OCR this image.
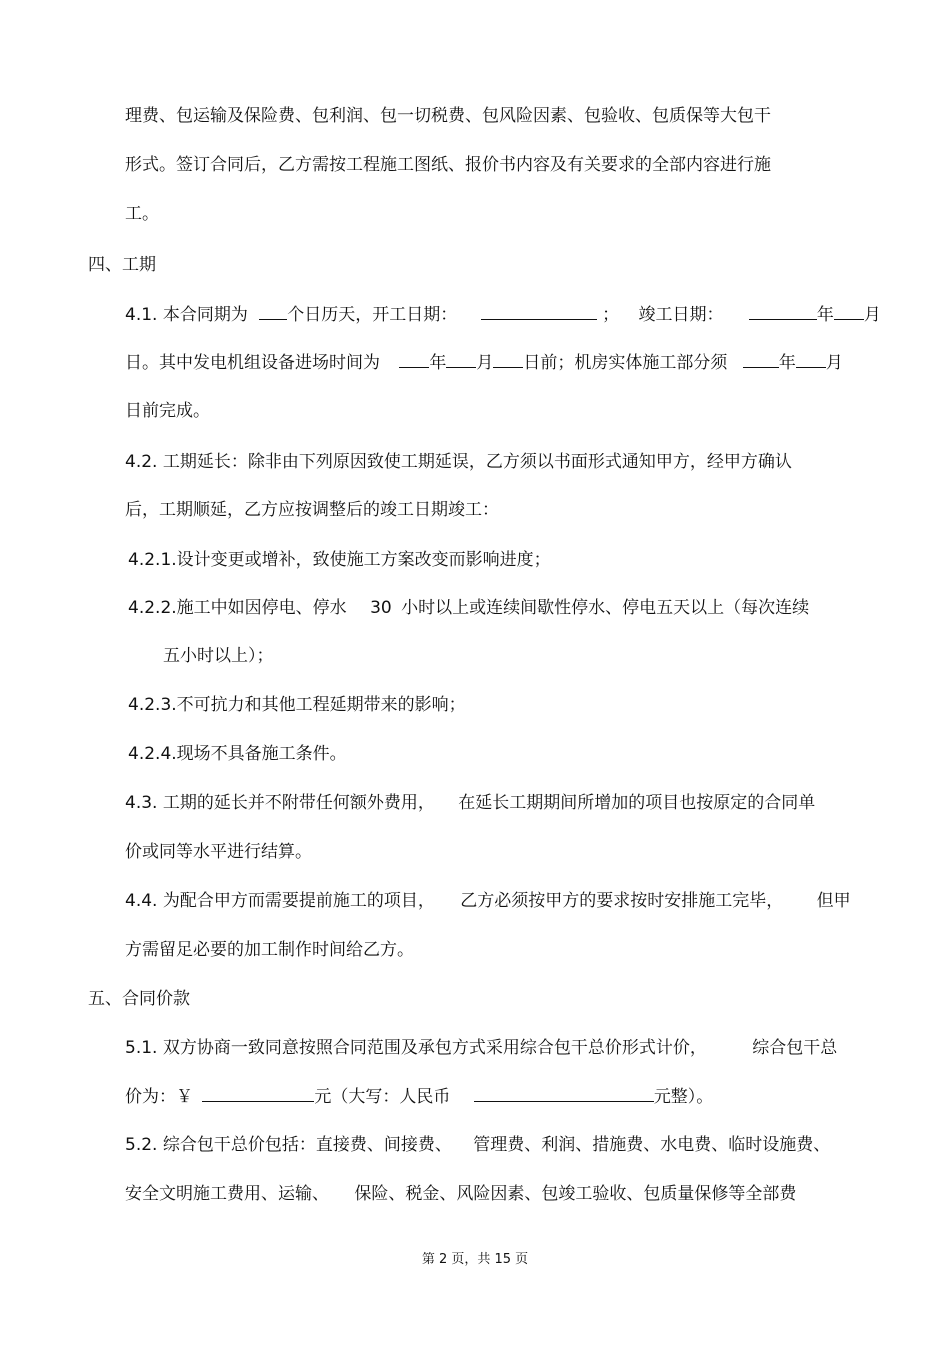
理费、包运输及保险费、包利润、包一切税费、包风险因素、包验收、包质保等大包干
形式。签订合同后，乙方需按工程施工图纸、报价书内容及有关要求的全部内容进行施
工。
四、工期
4.1. 本合同期为 个日历天，开工日期：	； 竣工日期：	年 月
日。其中发电机组设备进场时间为	年 月 日前；机房实体施工部分须	年 月
日前完成。
4.2. 工期延长：除非由下列原因致使工期延误，乙方须以书面形式通知甲方，经甲方确认
后，工期顺延，乙方应按调整后的竣工日期竣工：
4.2.1.设计变更或增补，致使施工方案改变而影响进度；
4.2.2.施工中如因停电、停水 30 小时以上或连续间歇性停水、停电五天以上（每次连续
五小时以上）；
4.2.3.不可抗力和其他工程延期带来的影响；
4.2.4.现场不具备施工条件。
4.3. 工期的延长并不附带任何额外费用， 在延长工期期间所增加的项目也按原定的合同单
价或同等水平进行结算。
4.4. 为配合甲方而需要提前施工的项目， 乙方必须按甲方的要求按时安排施工完毕， 但甲
方需留足必要的加工制作时间给乙方。
五、合同价款
5.1. 双方协商一致同意按照合同范围及承包方式采用综合包干总价形式计价，	综合包干总
价为：￥	元（大写：人民币	元整）。
5.2. 综合包干总价包括：直接费、间接费、 管理费、利润、措施费、水电费、临时设施费、
安全文明施工费用、运输、 保险、税金、风险因素、包竣工验收、包质量保修等全部费
第 2 页，共 15 页
